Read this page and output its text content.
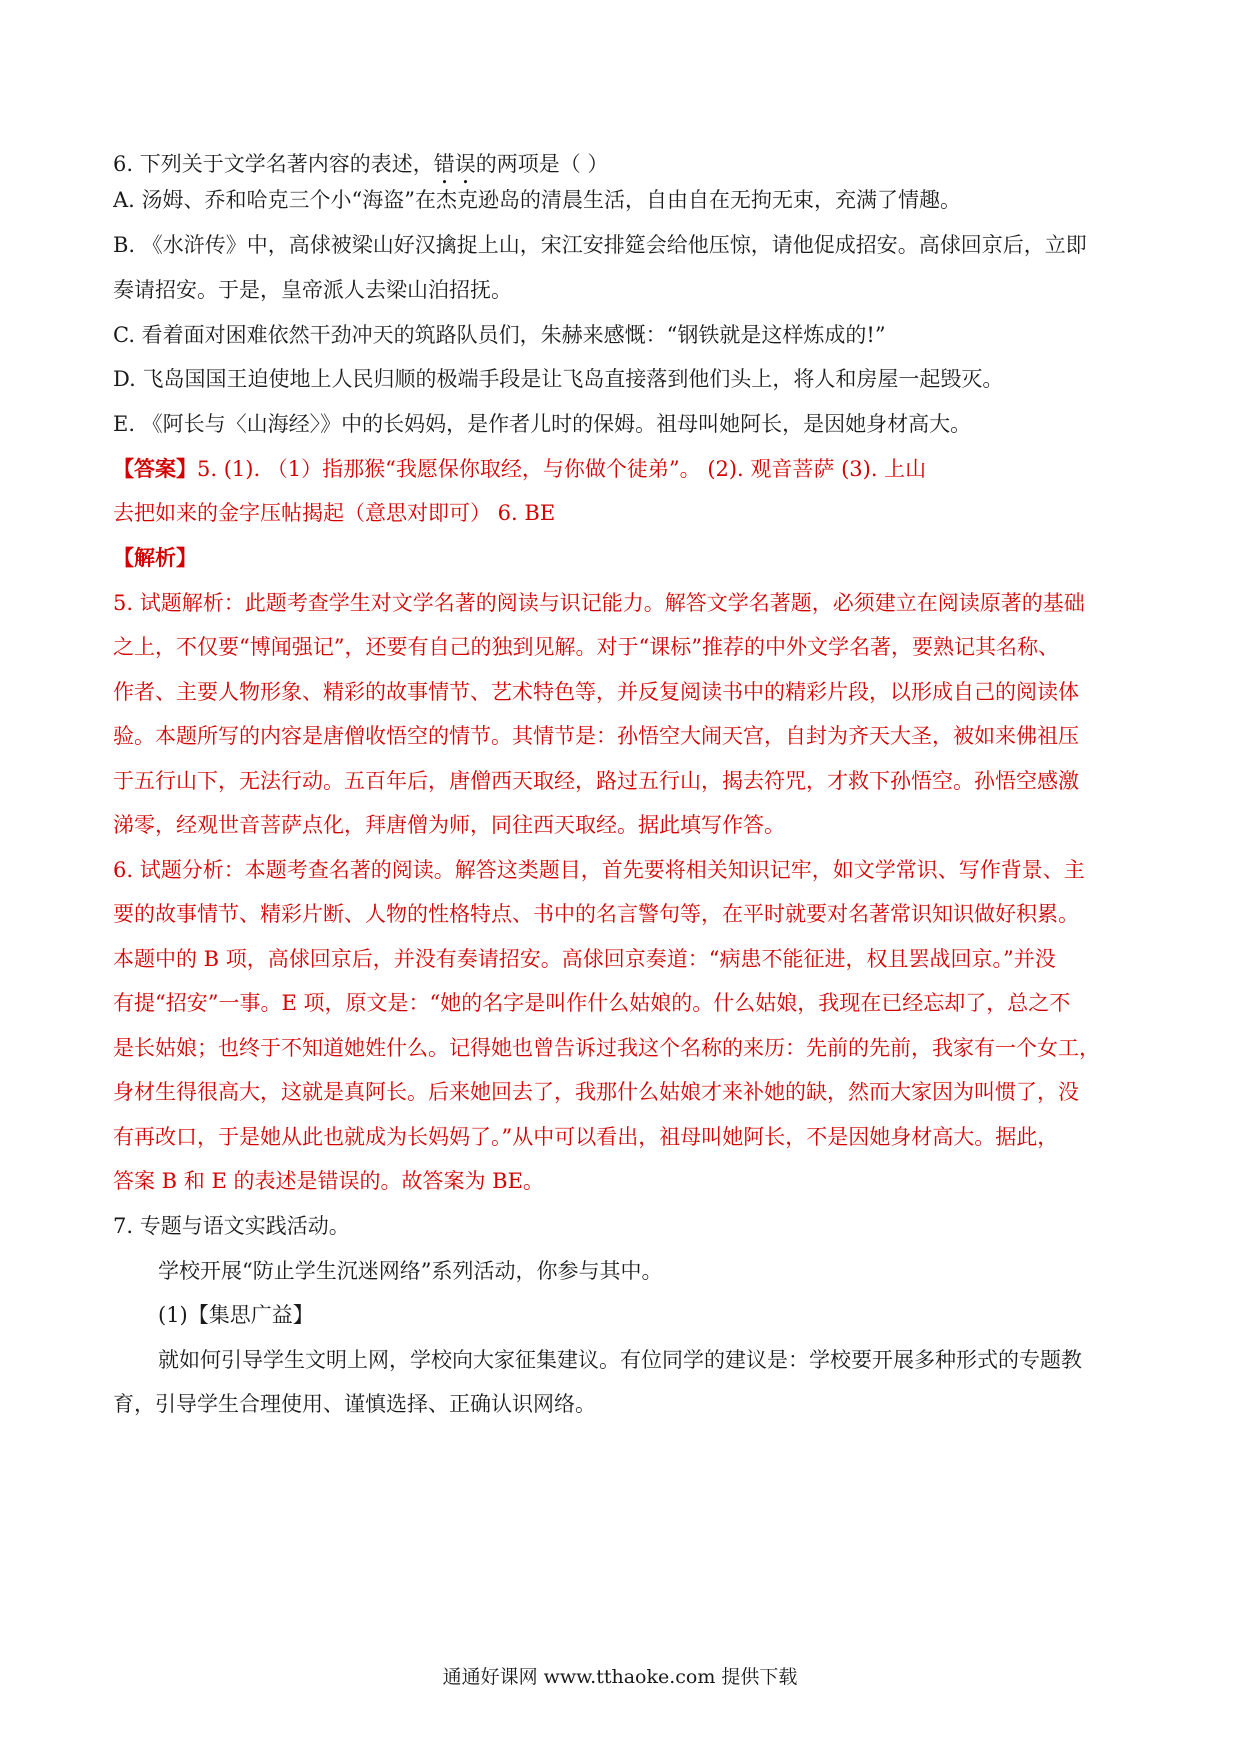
6. 下列关于文学名著内容的表述，错误的两项是（ ）
A. 汤姆、乔和哈克三个小“海盗”在杰克逊岛的清晨生活，自由自在无拘无束，充满了情趣。
B. 《水浒传》中，高俅被梁山好汉擒捉上山，宋江安排筵会给他压惊，请他促成招安。高俅回京后，立即
奏请招安。于是，皇帝派人去梁山泊招抚。
C. 看着面对困难依然干劲冲天的筑路队员们，朱赫来感慨：“钢铁就是这样炼成的!”
D. 飞岛国国王迫使地上人民归顺的极端手段是让飞岛直接落到他们头上，将人和房屋一起毁灭。
E. 《阿长与〈山海经〉》中的长妈妈，是作者儿时的保姆。祖母叫她阿长，是因她身材高大。
【答案】5. (1). （1）指那猴“我愿保你取经，与你做个徒弟”。 (2). 观音菩萨 (3). 上山
去把如来的金字压帖揭起（意思对即可） 6. BE
【解析】
5. 试题解析：此题考查学生对文学名著的阅读与识记能力。解答文学名著题，必须建立在阅读原著的基础
之上，不仅要“博闻强记”，还要有自己的独到见解。对于“课标”推荐的中外文学名著，要熟记其名称、
作者、主要人物形象、精彩的故事情节、艺术特色等，并反复阅读书中的精彩片段，以形成自己的阅读体
验。本题所写的内容是唐僧收悟空的情节。其情节是：孙悟空大闹天宫，自封为齐天大圣，被如来佛祖压
于五行山下，无法行动。五百年后，唐僧西天取经，路过五行山，揭去符咒，才救下孙悟空。孙悟空感激
涕零，经观世音菩萨点化，拜唐僧为师，同往西天取经。据此填写作答。
6. 试题分析：本题考查名著的阅读。解答这类题目，首先要将相关知识记牢，如文学常识、写作背景、主
要的故事情节、精彩片断、人物的性格特点、书中的名言警句等，在平时就要对名著常识知识做好积累。
本题中的 B 项，高俅回京后，并没有奏请招安。高俅回京奏道：“病患不能征进，权且罢战回京。”并没
有提“招安”一事。E 项，原文是：“她的名字是叫作什么姑娘的。什么姑娘，我现在已经忘却了，总之不
是长姑娘；也终于不知道她姓什么。记得她也曾告诉过我这个名称的来历：先前的先前，我家有一个女工，
身材生得很高大，这就是真阿长。后来她回去了，我那什么姑娘才来补她的缺，然而大家因为叫惯了，没
有再改口，于是她从此也就成为长妈妈了。”从中可以看出，祖母叫她阿长，不是因她身材高大。据此，
答案 B 和 E 的表述是错误的。故答案为 BE。
7. 专题与语文实践活动。
学校开展“防止学生沉迷网络”系列活动，你参与其中。
(1)【集思广益】
就如何引导学生文明上网，学校向大家征集建议。有位同学的建议是：学校要开展多种形式的专题教
育，引导学生合理使用、谨慎选择、正确认识网络。
通通好课网 www.tthaoke.com 提供下载
